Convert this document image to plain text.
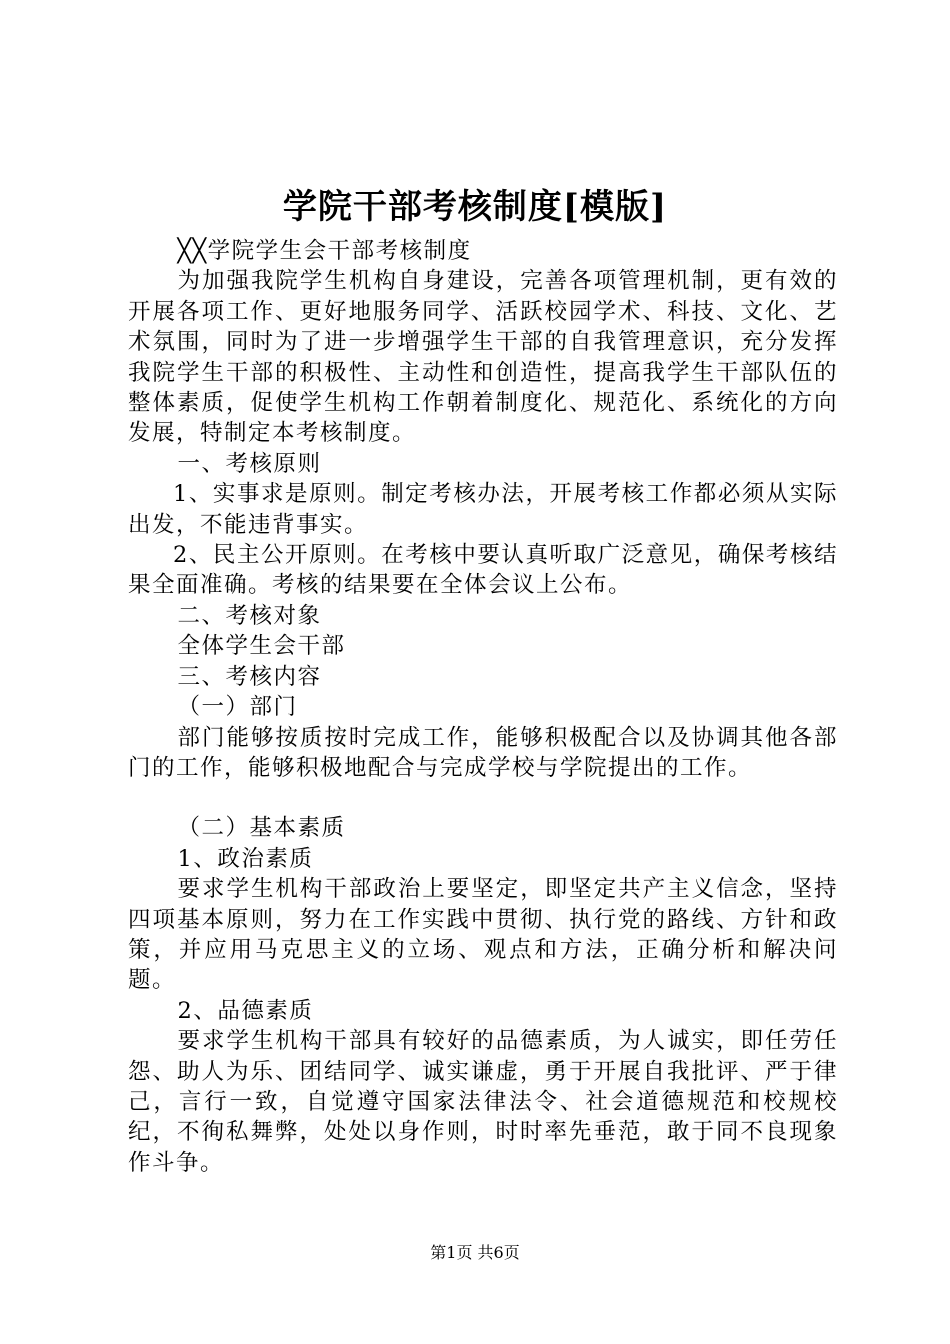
学院干部考核制度[模版]

╳╳学院学生会干部考核制度

为加强我院学生机构自身建设，完善各项管理机制，更有效的开展各项工作、更好地服务同学、活跃校园学术、科技、文化、艺术氛围，同时为了进一步增强学生干部的自我管理意识，充分发挥我院学生干部的积极性、主动性和创造性，提高我学生干部队伍的整体素质，促使学生机构工作朝着制度化、规范化、系统化的方向发展，特制定本考核制度。

一、考核原则

1、实事求是原则。制定考核办法，开展考核工作都必须从实际出发，不能违背事实。

2、民主公开原则。在考核中要认真听取广泛意见，确保考核结果全面准确。考核的结果要在全体会议上公布。

二、考核对象

全体学生会干部

三、考核内容

（一）部门

部门能够按质按时完成工作，能够积极配合以及协调其他各部门的工作，能够积极地配合与完成学校与学院提出的工作。

（二）基本素质

1、政治素质

要求学生机构干部政治上要坚定，即坚定共产主义信念，坚持四项基本原则，努力在工作实践中贯彻、执行党的路线、方针和政策，并应用马克思主义的立场、观点和方法，正确分析和解决问题。

2、品德素质

要求学生机构干部具有较好的品德素质，为人诚实，即任劳任怨、助人为乐、团结同学、诚实谦虚，勇于开展自我批评、严于律己，言行一致，自觉遵守国家法律法令、社会道德规范和校规校纪，不徇私舞弊，处处以身作则，时时率先垂范，敢于同不良现象作斗争。

第1页 共6页
